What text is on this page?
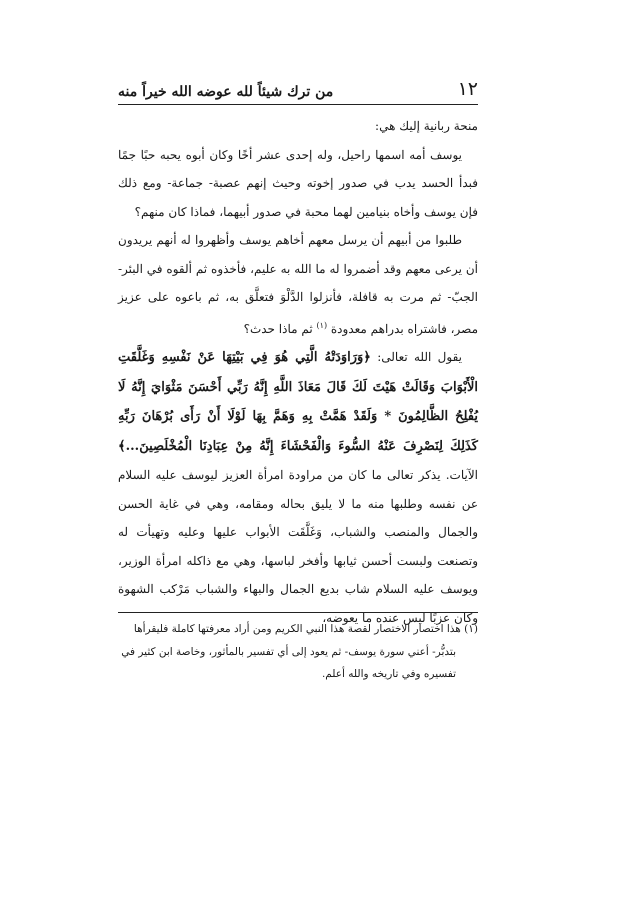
١٢
من ترك شيئاً لله عوضه الله خيراً منه

منحة ربانية إليك هي:

يوسف أمه اسمها راحيل، وله إحدى عشر أخًا وكان أبوه يحبه حبًا جمًا فبدأ الحسد يدب في صدور إخوته وحيث إنهم عصبة- جماعة- ومع ذلك فإن يوسف وأخاه بنيامين لهما محبة في صدور أبيهما، فماذا كان منهم؟

طلبوا من أبيهم أن يرسل معهم أخاهم يوسف وأظهروا له أنهم يريدون أن يرعى معهم وقد أضمروا له ما الله به عليم، فأخذوه ثم ألقوه في البئر- الجبّ- ثم مرت به قافلة، فأنزلوا الدَّلْوَ فتعلَّق به، ثم باعوه على عزيز مصر، فاشتراه بدراهم معدودة $^{(١)}$ ثم ماذا حدث؟

يقول الله تعالى: ﴿وَرَاوَدَتْهُ الَّتِي هُوَ فِي بَيْتِهَا عَنْ نَفْسِهِ وَغَلَّقَتِ الْأَبْوَابَ وَقَالَتْ هَيْتَ لَكَ قَالَ مَعَاذَ اللَّهِ إِنَّهُ رَبِّي أَحْسَنَ مَثْوَايَ إِنَّهُ لَا يُفْلِحُ الظَّالِمُونَ * وَلَقَدْ هَمَّتْ بِهِ وَهَمَّ بِهَا لَوْلَا أَنْ رَأَى بُرْهَانَ رَبِّهِ كَذَلِكَ لِنَصْرِفَ عَنْهُ السُّوءَ وَالْفَحْشَاءَ إِنَّهُ مِنْ عِبَادِنَا الْمُخْلَصِينَ...﴾ الآيات. يذكر تعالى ما كان من مراودة امرأة العزيز ليوسف عليه السلام عن نفسه وطلبها منه ما لا يليق بحاله ومقامه، وهي في غاية الحسن والجمال والمنصب والشباب، وَغَلَّقَت الأبواب عليها وعليه وتهيأت له وتصنعت ولبست أحسن ثيابها وأفخر لباسها، وهي مع ذاكله امرأة الوزير، ويوسف عليه السلام شاب بديع الجمال والبهاء والشباب مَرْكب الشهوة وكان عزبًا ليس عنده ما يعوضه،

(١) هذا اختصار الاختصار لقصة هذا النبي الكريم ومن أراد معرفتها كاملة فليقرأها

بتدبُّر- أعني سورة يوسف- ثم يعود إلى أي تفسير بالمأثور، وخاصة ابن كثير في

تفسيره وفي تاريخه والله أعلم.
